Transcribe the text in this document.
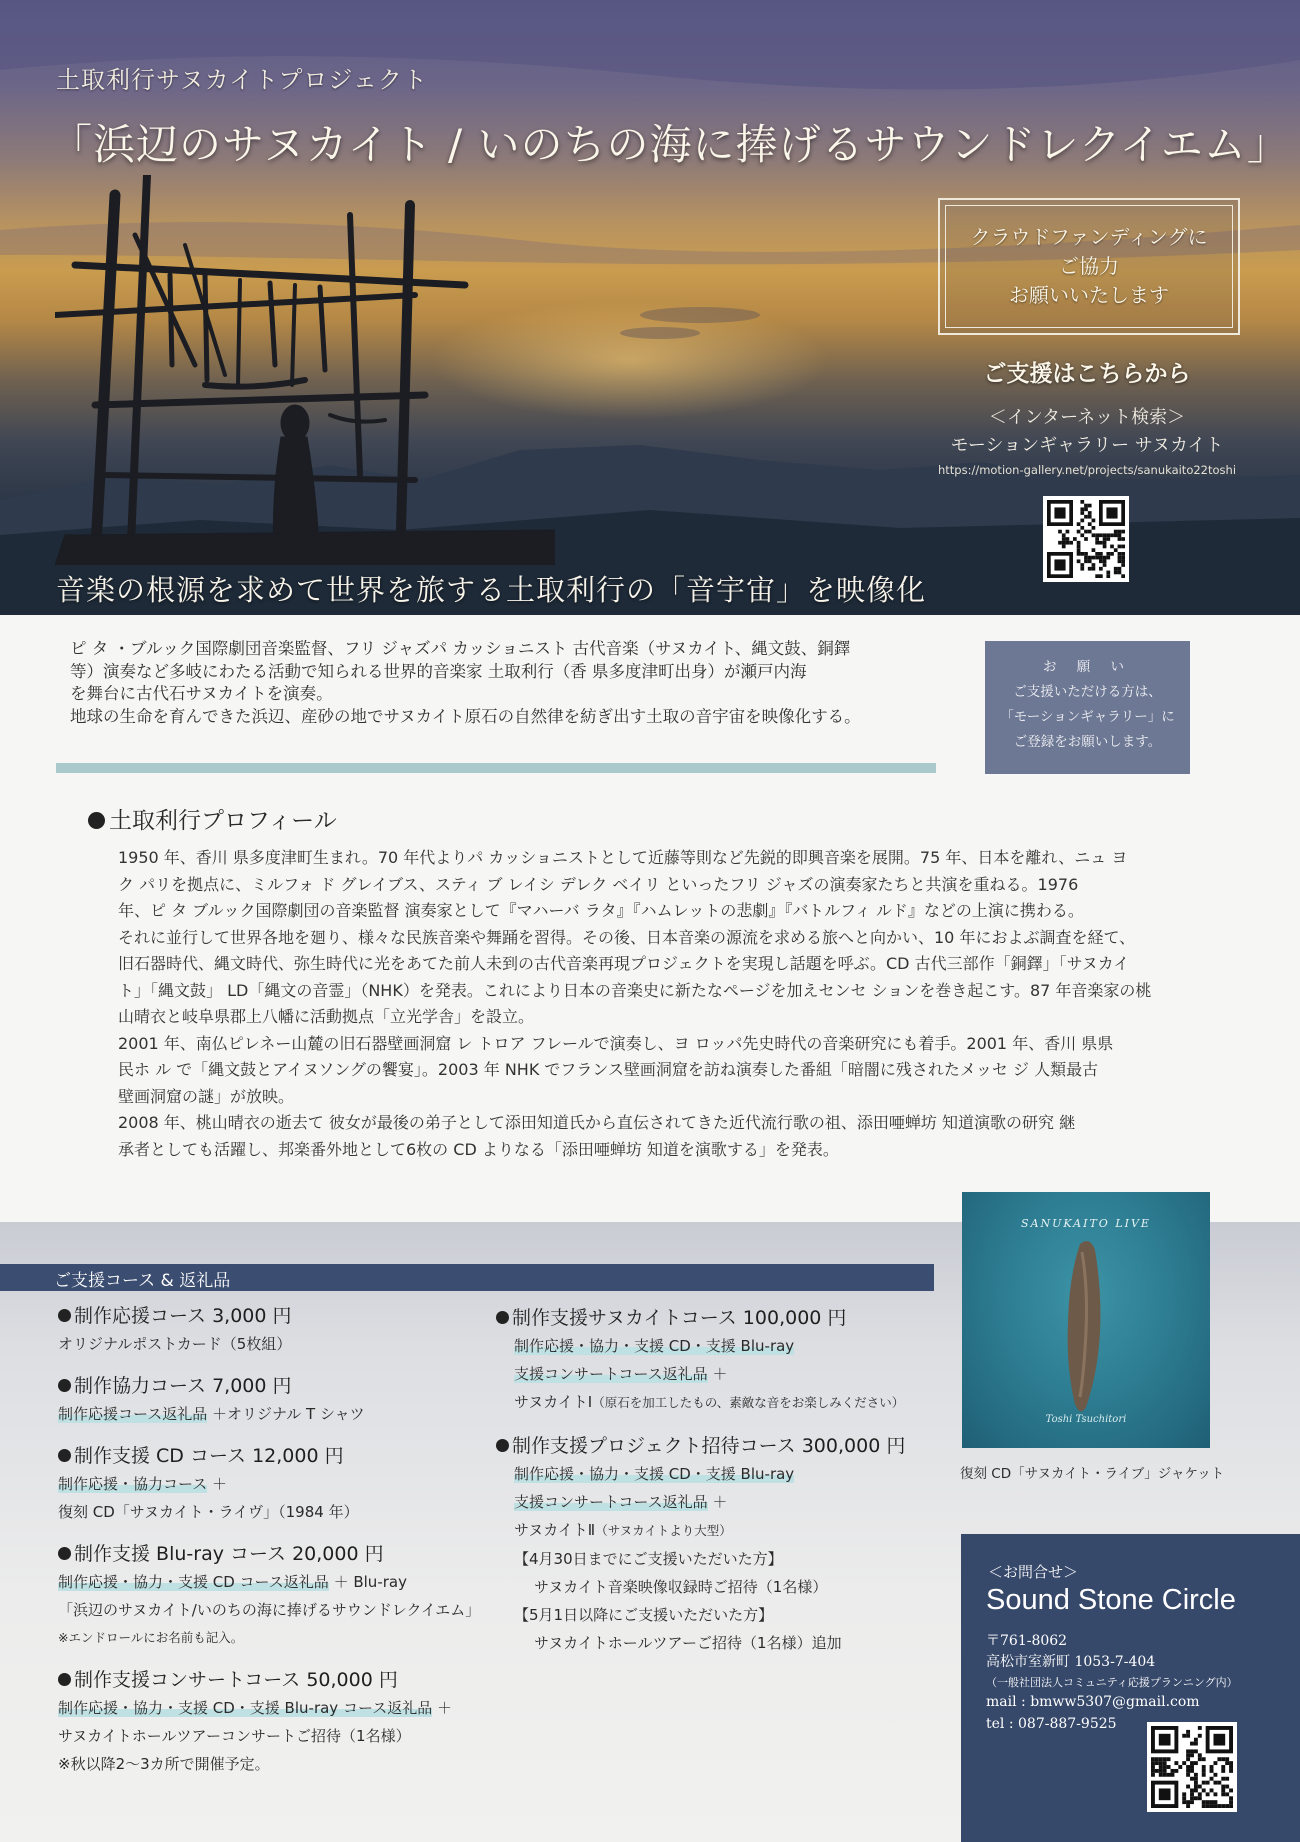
土取利行サヌカイトプロジェクト
「浜辺のサヌカイト / いのちの海に捧げるサウンドレクイエム」
クラウドファンディングに
ご協力
お願いいたします
ご支援はこちらから
＜インターネット検索＞
モーションギャラリー サヌカイト
https://motion-gallery.net/projects/sanukaito22toshi
音楽の根源を求めて世界を旅する土取利行の「音宇宙」を映像化

ピ タ ・ブルック国際劇団音楽監督、フリ ジャズパ カッショニスト 古代音楽（サヌカイト、縄文鼓、銅鐸

等）演奏など多岐にわたる活動で知られる世界的音楽家 土取利行（香 県多度津町出身）が瀬戸内海

を舞台に古代石サヌカイトを演奏。

地球の生命を育んできた浜辺、産砂の地でサヌカイト原石の自然律を紡ぎ出す土取の音宇宙を映像化する。

お 願 い
ご支援いただける方は、
「モーションギャラリー」に
ご登録をお願いします。
土取利行プロフィール

1950 年、香川 県多度津町生まれ。70 年代よりパ カッショニストとして近藤等則など先鋭的即興音楽を展開。75 年、日本を離れ、ニュ ヨ

ク パリを拠点に、ミルフォ ド グレイブス、スティ ブ レイシ デレク ベイリ といったフリ ジャズの演奏家たちと共演を重ねる。1976

年、ピ タ ブルック国際劇団の音楽監督 演奏家として『マハーバ ラタ』『ハムレットの悲劇』『バトルフィ ルド』などの上演に携わる。

それに並行して世界各地を廻り、様々な民族音楽や舞踊を習得。その後、日本音楽の源流を求める旅へと向かい、10 年におよぶ調査を経て、

旧石器時代、縄文時代、弥生時代に光をあてた前人未到の古代音楽再現プロジェクトを実現し話題を呼ぶ。CD 古代三部作「銅鐸」「サヌカイ

ト」「縄文鼓」 LD「縄文の音霊」（NHK）を発表。これにより日本の音楽史に新たなページを加えセンセ ションを巻き起こす。87 年音楽家の桃

山晴衣と岐阜県郡上八幡に活動拠点「立光学舎」を設立。

2001 年、南仏ピレネー山麓の旧石器壁画洞窟 レ トロア フレールで演奏し、ヨ ロッパ先史時代の音楽研究にも着手。2001 年、香川 県県

民ホ ル で「縄文鼓とアイヌソングの饗宴」。2003 年 NHK でフランス壁画洞窟を訪ね演奏した番組「暗闇に残されたメッセ ジ 人類最古

壁画洞窟の謎」が放映。

2008 年、桃山晴衣の逝去て 彼女が最後の弟子として添田知道氏から直伝されてきた近代流行歌の祖、添田唖蝉坊 知道演歌の研究 継

承者としても活躍し、邦楽番外地として6枚の CD よりなる「添田唖蝉坊 知道を演歌する」を発表。

ご支援コース & 返礼品
制作応援コース 3,000 円
オリジナルポストカード（5枚組）
制作協力コース 7,000 円
制作応援コース返礼品 ＋オリジナル T シャツ
制作支援 CD コース 12,000 円
制作応援・協力コース ＋
復刻 CD「サヌカイト・ライヴ」（1984 年）
制作支援 Blu-ray コース 20,000 円
制作応援・協力・支援 CD コース返礼品 ＋ Blu-ray
「浜辺のサヌカイト/いのちの海に捧げるサウンドレクイエム」
※エンドロールにお名前も記入。
制作支援コンサートコース 50,000 円
制作応援・協力・支援 CD・支援 Blu-ray コース返礼品 ＋
サヌカイトホールツアーコンサートご招待（1名様）
※秋以降2～3カ所で開催予定。
制作支援サヌカイトコース 100,000 円
制作応援・協力・支援 CD・支援 Blu-ray
支援コンサートコース返礼品 ＋
サヌカイトⅠ（原石を加工したもの、素敵な音をお楽しみください）
制作支援プロジェクト招待コース 300,000 円
制作応援・協力・支援 CD・支援 Blu-ray
支援コンサートコース返礼品 ＋
サヌカイトⅡ（サヌカイトより大型）
【4月30日までにご支援いただいた方】
サヌカイト音楽映像収録時ご招待（1名様）
【5月1日以降にご支援いただいた方】
サヌカイトホールツアーご招待（1名様）追加
SANUKAITO LIVE
Toshi Tsuchitori
復刻 CD「サヌカイト・ライブ」ジャケット
＜お問合せ＞
Sound Stone Circle
〒761-8062
高松市室新町 1053-7-404
（一般社団法人コミュニティ応援プランニング内）
mail : bmww5307@gmail.com
tel : 087-887-9525
